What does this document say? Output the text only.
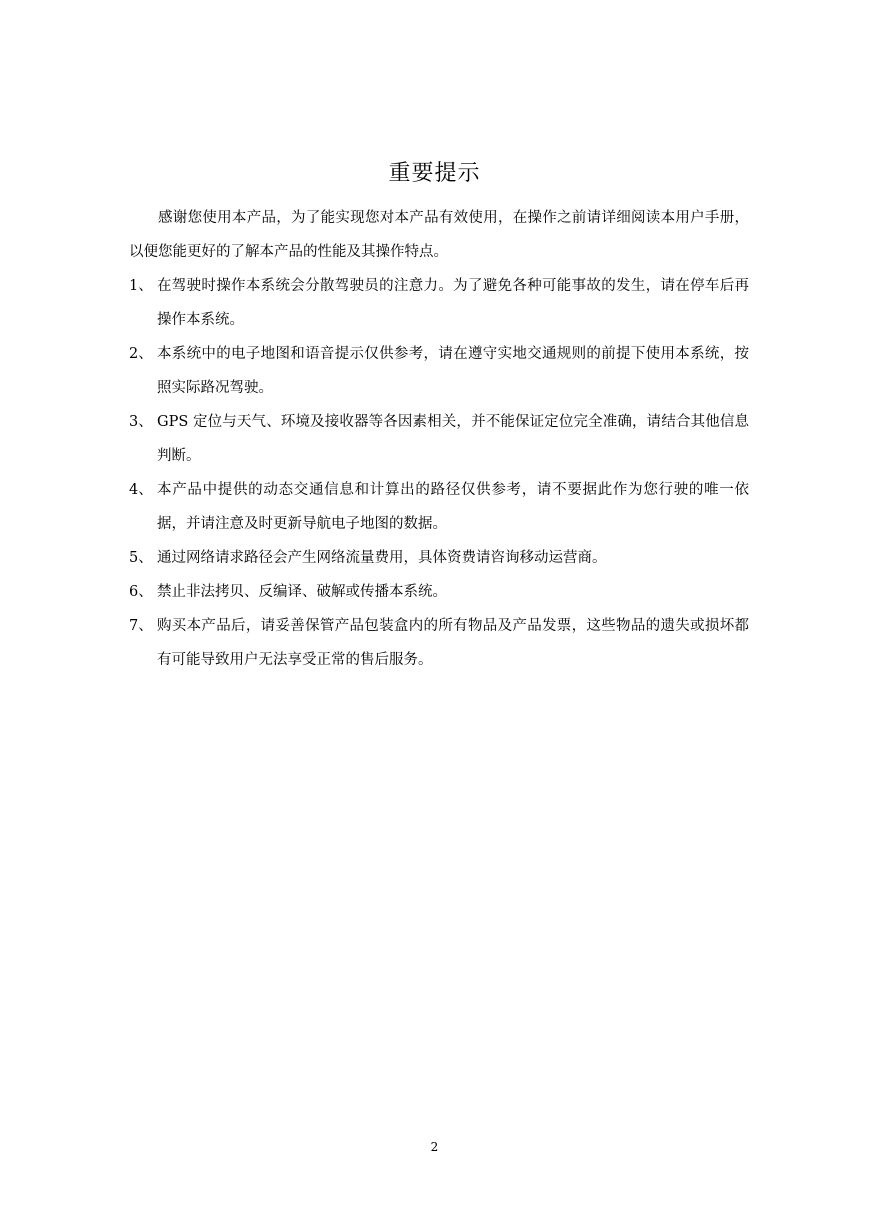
重要提示

感谢您使用本产品，为了能实现您对本产品有效使用，在操作之前请详细阅读本用户手册，以便您能更好的了解本产品的性能及其操作特点。

1、 在驾驶时操作本系统会分散驾驶员的注意力。为了避免各种可能事故的发生，请在停车后再操作本系统。
2、 本系统中的电子地图和语音提示仅供参考，请在遵守实地交通规则的前提下使用本系统，按照实际路况驾驶。
3、 GPS 定位与天气、环境及接收器等各因素相关，并不能保证定位完全准确，请结合其他信息判断。
4、 本产品中提供的动态交通信息和计算出的路径仅供参考，请不要据此作为您行驶的唯一依据，并请注意及时更新导航电子地图的数据。
5、 通过网络请求路径会产生网络流量费用，具体资费请咨询移动运营商。
6、 禁止非法拷贝、反编译、破解或传播本系统。
7、 购买本产品后，请妥善保管产品包装盒内的所有物品及产品发票，这些物品的遗失或损坏都有可能导致用户无法享受正常的售后服务。
2
